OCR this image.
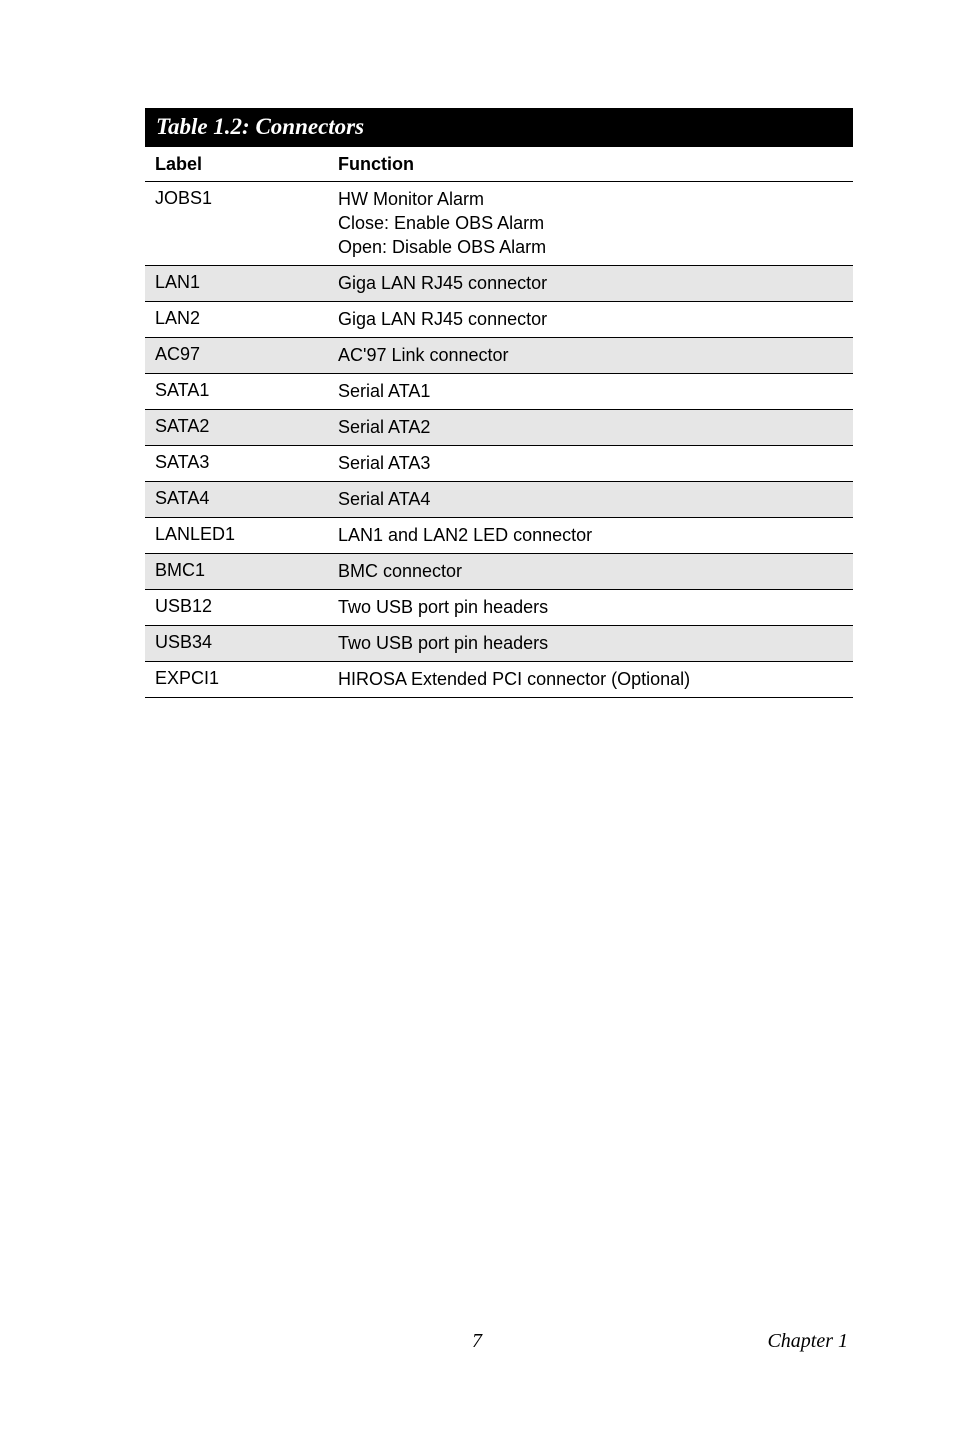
Table 1.2: Connectors
Label	Function
JOBS1	HW Monitor Alarm
Close: Enable OBS Alarm
Open: Disable OBS Alarm
LAN1	Giga LAN RJ45 connector
LAN2	Giga LAN RJ45 connector
AC97	AC'97 Link connector
SATA1	Serial ATA1
SATA2	Serial ATA2
SATA3	Serial ATA3
SATA4	Serial ATA4
LANLED1	LAN1 and LAN2 LED connector
BMC1	BMC connector
USB12	Two USB port pin headers
USB34	Two USB port pin headers
EXPCI1	HIROSA Extended PCI connector (Optional)
7	Chapter 1
